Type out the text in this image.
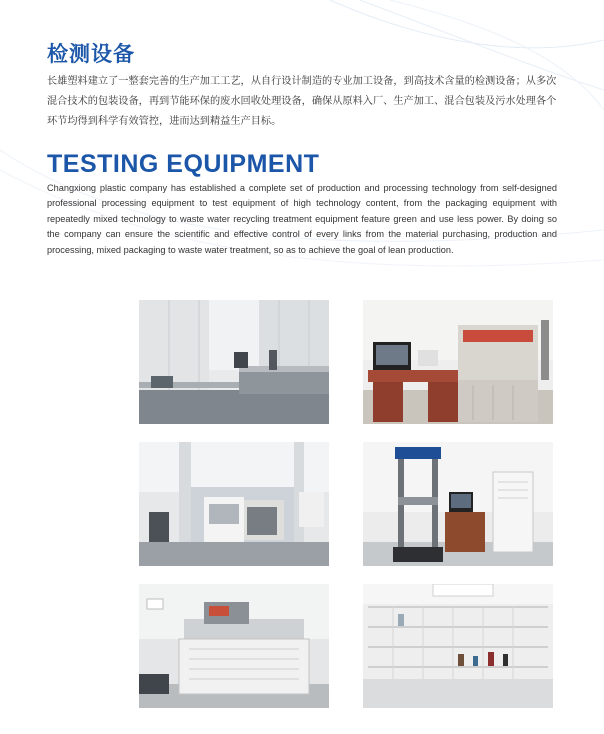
检测设备

长雄塑料建立了一整套完善的生产加工工艺，从自行设计制造的专业加工设备，到高技术含量的检测设备；从多次混合技术的包装设备，再到节能环保的废水回收处理设备，确保从原料入厂、生产加工、混合包装及污水处理各个环节均得到科学有效管控，进而达到精益生产目标。

TESTING EQUIPMENT

Changxiong plastic company has established a complete set of production and processing technology from self-designed professional processing equipment to test equipment of high technology content, from the packaging equipment with repeatedly mixed technology to waste water recycling treatment equipment feature green and use less power. By doing so the company can ensure the scientific and effective control of every links from the material purchasing, production and processing, mixed packaging to waste water treatment, so as to achieve the goal of lean production.
